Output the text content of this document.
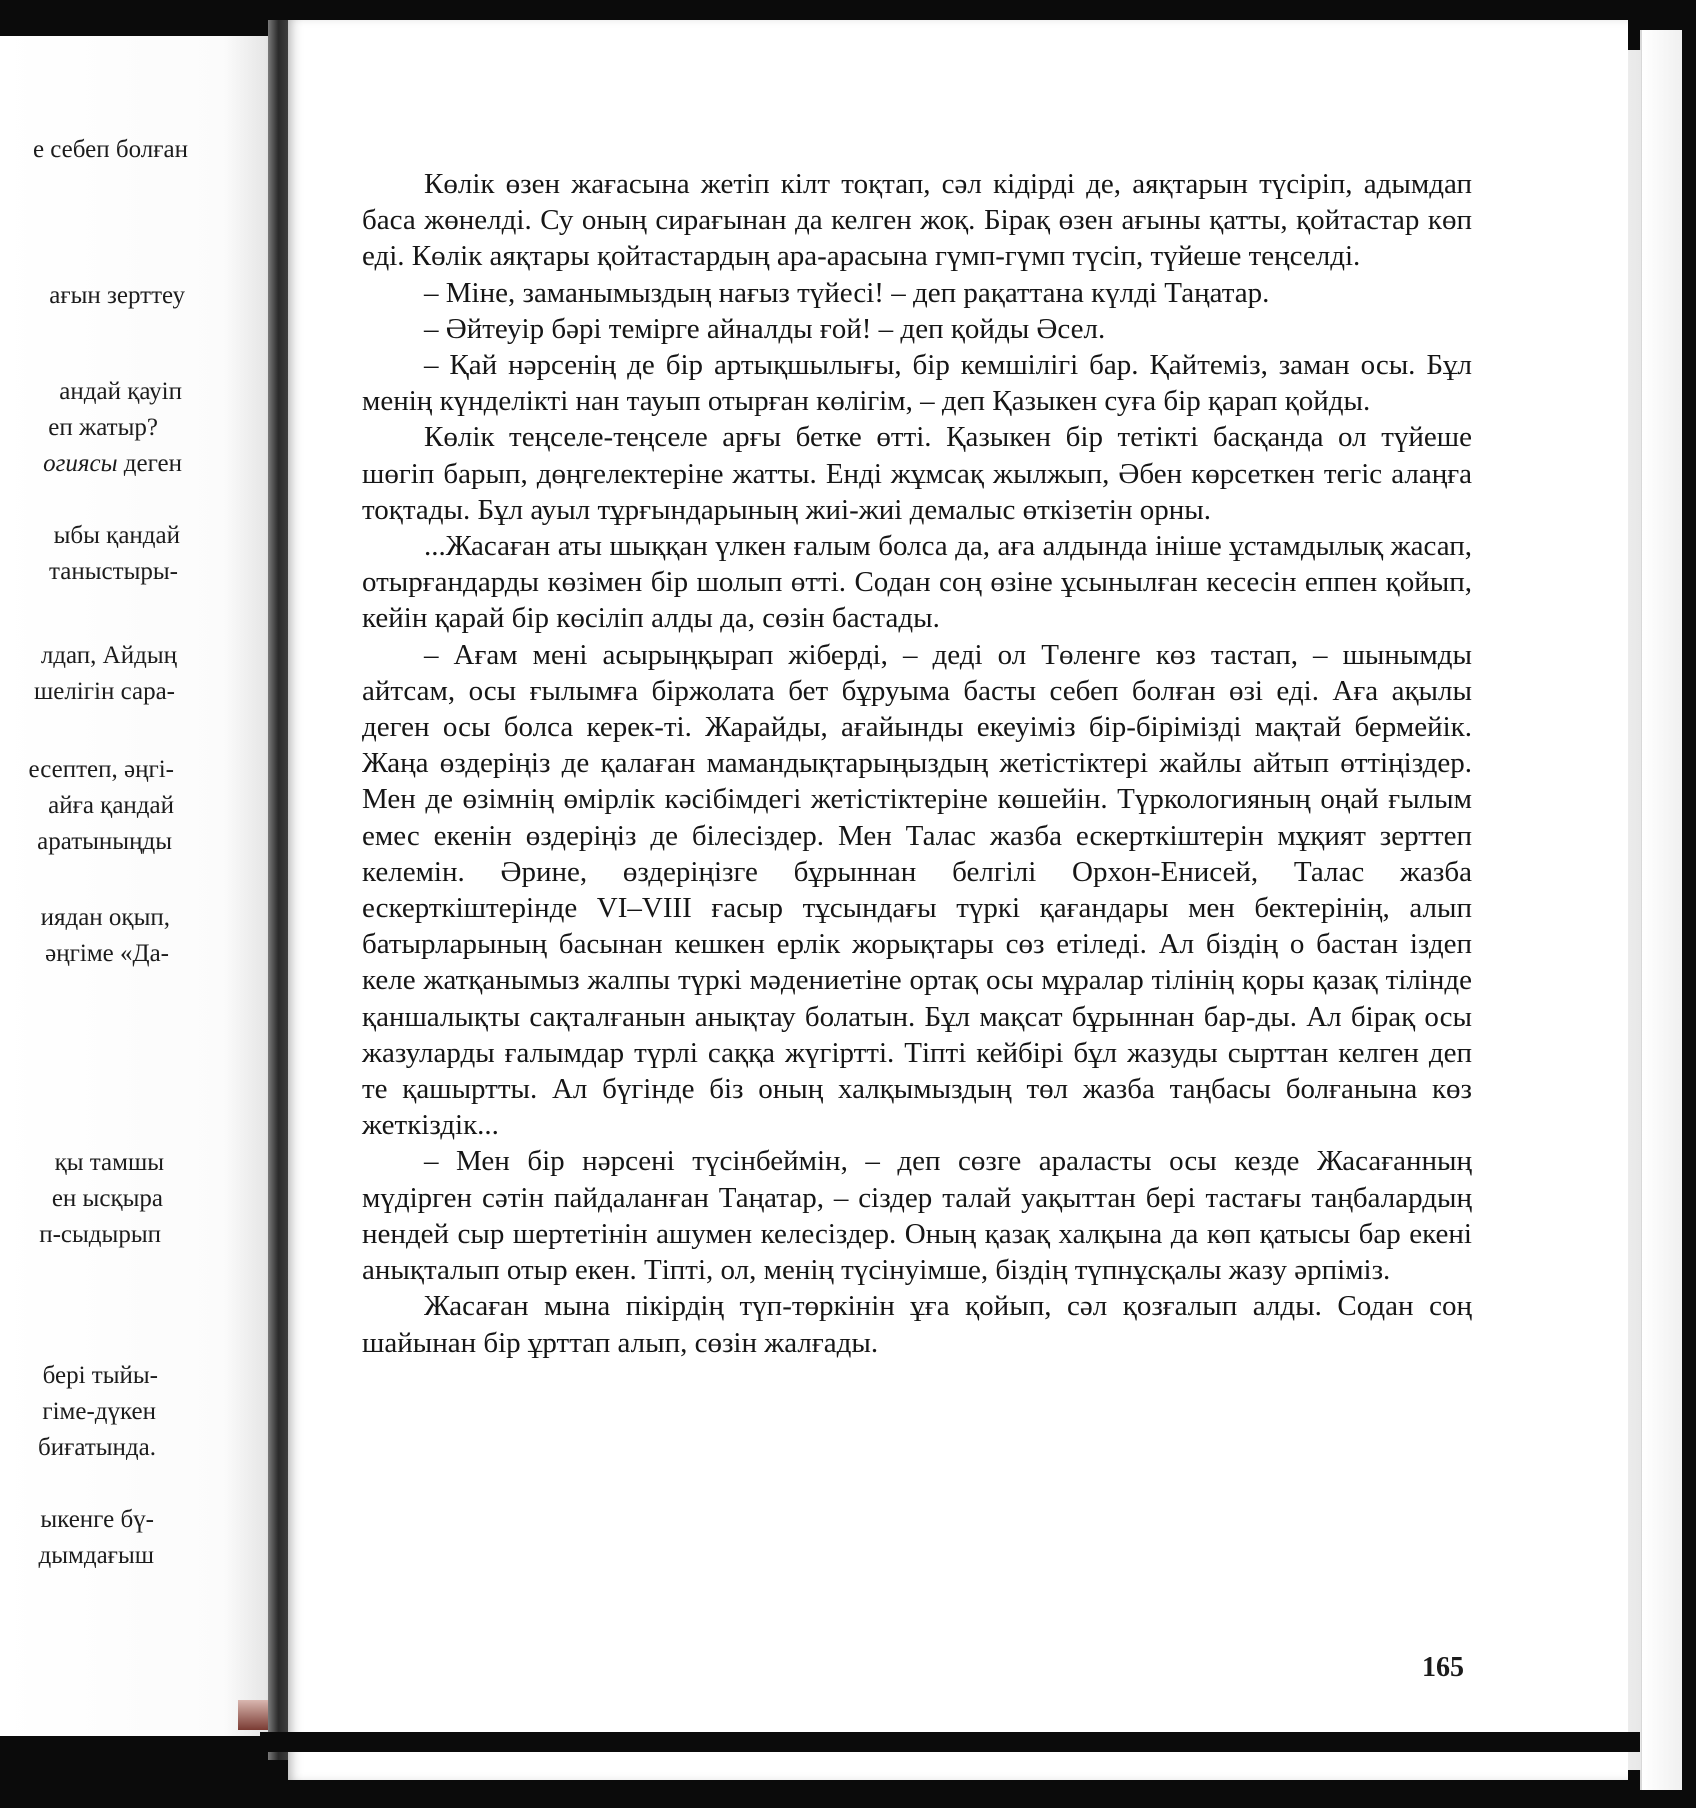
е себеп болған
ағын зерттеу
андай қауіп
еп жатыр?
огиясы деген
ыбы қандай
таныстыры-
лдап, Айдың
шелігін сара-
есептеп, әңгі-
айға қандай
аратыныңды
иядан оқып,
әңгіме «Да-
қы тамшы
ен ысқыра
п-сыдырып
бері тыйы-
гіме-дүкен
биғатында.
ыкенге бү-
дымдағыш

Көлік өзен жағасына жетіп кілт тоқтап, сәл кідірді де, аяқтарын түсіріп, адымдап баса жөнелді. Су оның сирағынан да келген жоқ. Бірақ өзен ағыны қатты, қойтастар көп еді. Көлік аяқтары қойтастардың ара-арасына гүмп-гүмп түсіп, түйеше теңселді.

– Міне, заманымыздың нағыз түйесі! – деп рақаттана күлді Таңатар.

– Әйтеуір бәрі темірге айналды ғой! – деп қойды Әсел.

– Қай нәрсенің де бір артықшылығы, бір кемшілігі бар. Қайтеміз, заман осы. Бұл менің күнделікті нан тауып отырған көлігім, – деп Қазыкен суға бір қарап қойды.

Көлік теңселе-теңселе арғы бетке өтті. Қазыкен бір тетікті басқанда ол түйеше шөгіп барып, дөңгелектеріне жатты. Енді жұмсақ жылжып, Әбен көрсеткен тегіс алаңға тоқтады. Бұл ауыл тұрғындарының жиі-жиі демалыс өткізетін орны.

...Жасаған аты шыққан үлкен ғалым болса да, аға алдында ініше ұстамдылық жасап, отырғандарды көзімен бір шолып өтті. Содан соң өзіне ұсынылған кесесін еппен қойып, кейін қарай бір көсіліп алды да, сөзін бастады.

– Ағам мені асырыңқырап жіберді, – деді ол Төленге көз тастап, – шынымды айтсам, осы ғылымға біржолата бет бұруыма басты себеп болған өзі еді. Аға ақылы деген осы болса керек-ті. Жарайды, ағайынды екеуіміз бір-бірімізді мақтай бермейік. Жаңа өздеріңіз де қалаған мамандықтарыңыздың жетістіктері жайлы айтып өттіңіздер. Мен де өзімнің өмірлік кәсібімдегі жетістіктеріне көшейін. Түркологияның оңай ғылым емес екенін өздеріңіз де білесіздер. Мен Талас жазба ескерткіштерін мұқият зерттеп келемін. Әрине, өздеріңізге бұрыннан белгілі Орхон-Енисей, Талас жазба ескерткіштерінде VI–VIII ғасыр тұсындағы түркі қағандары мен бектерінің, алып батырларының басынан кешкен ерлік жорықтары сөз етіледі. Ал біздің о бастан іздеп келе жатқанымыз жалпы түркі мәдениетіне ортақ осы мұралар тілінің қоры қазақ тілінде қаншалықты сақталғанын анықтау болатын. Бұл мақсат бұрыннан бар-ды. Ал бірақ осы жазуларды ғалымдар түрлі саққа жүгіртті. Тіпті кейбірі бұл жазуды сырттан келген деп те қашыртты. Ал бүгінде біз оның халқымыздың төл жазба таңбасы болғанына көз жеткіздік...

– Мен бір нәрсені түсінбеймін, – деп сөзге араласты осы кезде Жасағанның мүдірген сәтін пайдаланған Таңатар, – сіздер талай уақыттан бері тастағы таңбалардың нендей сыр шертетінін ашумен келесіздер. Оның қазақ халқына да көп қатысы бар екені анықталып отыр екен. Тіпті, ол, менің түсінуімше, біздің түпнұсқалы жазу әрпіміз.

Жасаған мына пікірдің түп-төркінін ұға қойып, сәл қозғалып алды. Содан соң шайынан бір ұрттап алып, сөзін жалғады.

165
